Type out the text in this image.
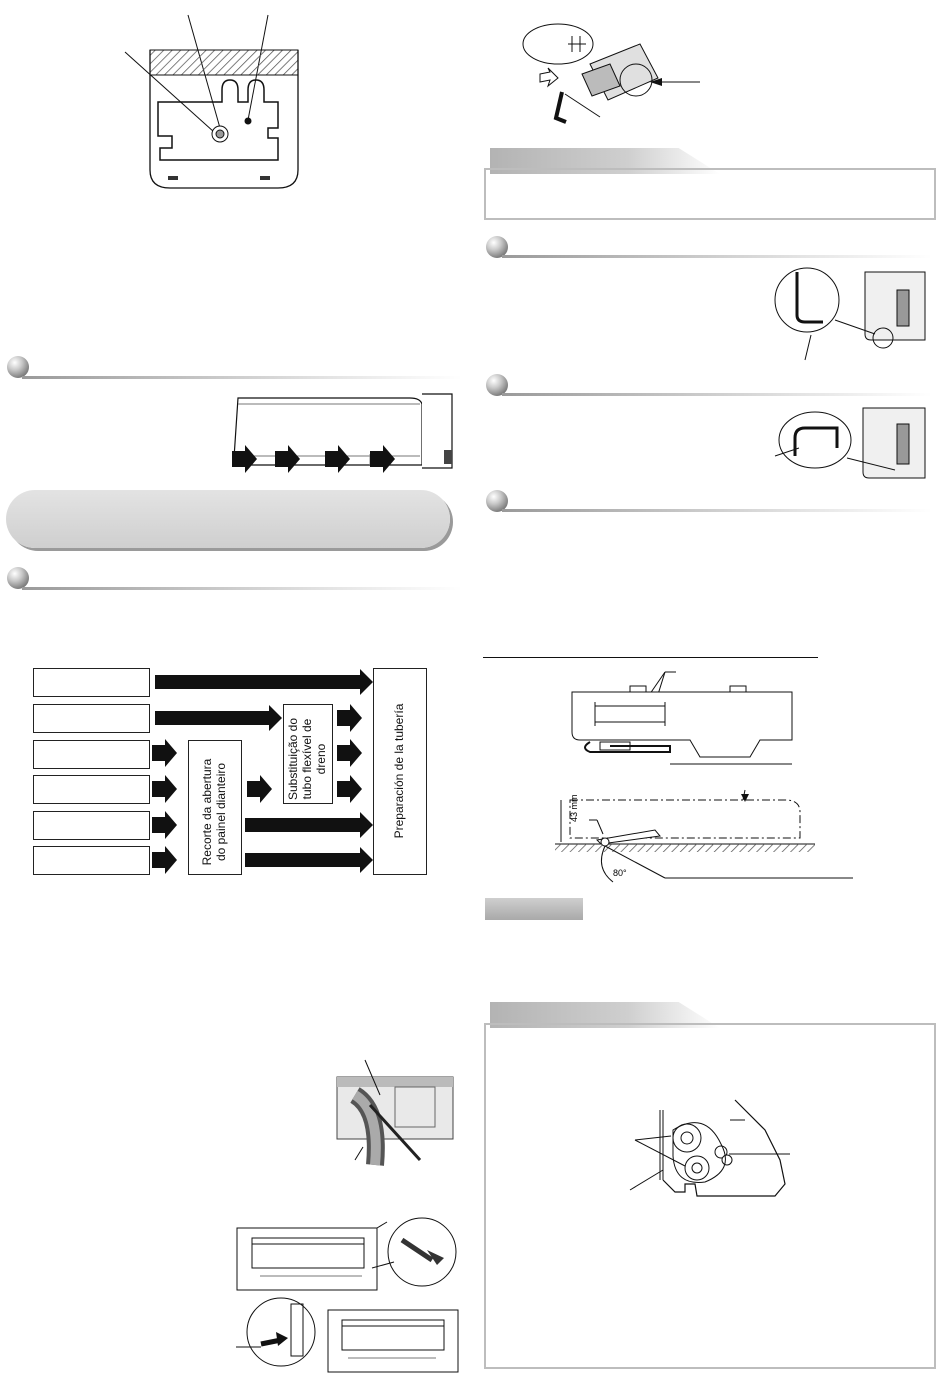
Recorte da abertura do painel dianteiro
Substituição do tubo flexível de dreno	Preparación de la tubería	43 mm
80°
